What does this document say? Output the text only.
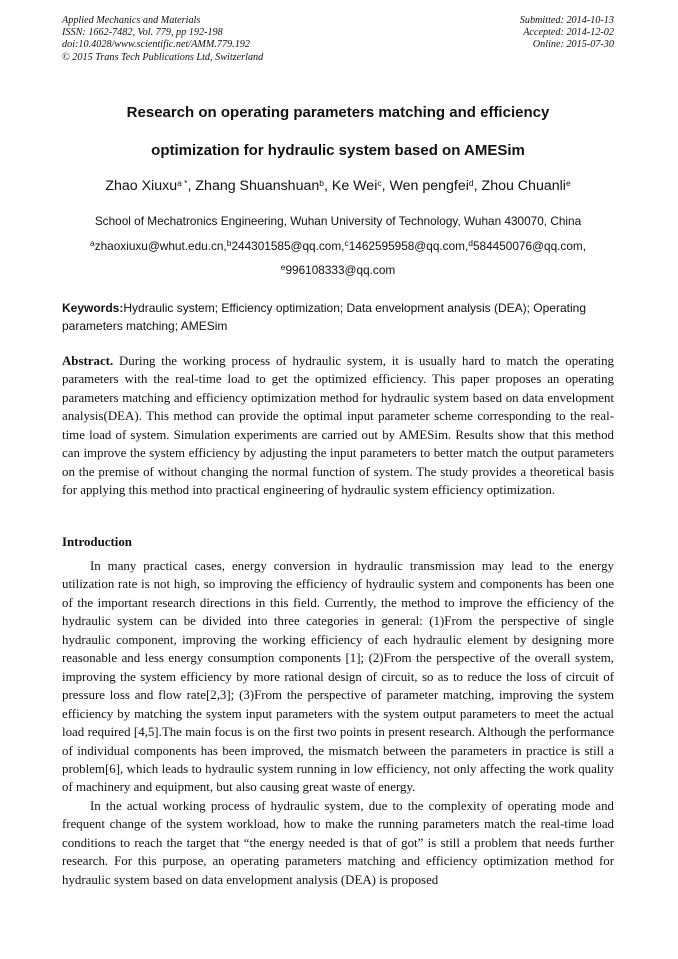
Applied Mechanics and Materials
ISSN: 1662-7482, Vol. 779, pp 192-198
doi:10.4028/www.scientific.net/AMM.779.192
© 2015 Trans Tech Publications Ltd, Switzerland
Submitted: 2014-10-13
Accepted: 2014-12-02
Online: 2015-07-30
Research on operating parameters matching and efficiency
optimization for hydraulic system based on AMESim
Zhao Xiuxu$^{a *}$, Zhang Shuanshuan$^b$, Ke Wei$^c$, Wen pengfei$^d$, Zhou Chuanli$^e$
School of Mechatronics Engineering, Wuhan University of Technology, Wuhan 430070, China
$^a$zhaoxiuxu@whut.edu.cn,$^b$244301585@qq.com,$^c$1462595958@qq.com,$^d$584450076@qq.com,
$^e$996108333@qq.com
Keywords:Hydraulic system; Efficiency optimization; Data envelopment analysis (DEA); Operating parameters matching; AMESim

Abstract. During the working process of hydraulic system, it is usually hard to match the operating parameters with the real-time load to get the optimized efficiency. This paper proposes an operating parameters matching and efficiency optimization method for hydraulic system based on data envelopment analysis(DEA). This method can provide the optimal input parameter scheme corresponding to the real-time load of system. Simulation experiments are carried out by AMESim. Results show that this method can improve the system efficiency by adjusting the input parameters to better match the output parameters on the premise of without changing the normal function of system. The study provides a theoretical basis for applying this method into practical engineering of hydraulic system efficiency optimization.

Introduction

In many practical cases, energy conversion in hydraulic transmission may lead to the energy utilization rate is not high, so improving the efficiency of hydraulic system and components has been one of the important research directions in this field. Currently, the method to improve the efficiency of the hydraulic system can be divided into three categories in general: (1)From the perspective of single hydraulic component, improving the working efficiency of each hydraulic element by designing more reasonable and less energy consumption components [1]; (2)From the perspective of the overall system, improving the system efficiency by more rational design of circuit, so as to reduce the loss of circuit of pressure loss and flow rate[2,3]; (3)From the perspective of parameter matching, improving the system efficiency by matching the system input parameters with the system output parameters to meet the actual load required [4,5].The main focus is on the first two points in present research. Although the performance of individual components has been improved, the mismatch between the parameters in practice is still a problem[6], which leads to hydraulic system running in low efficiency, not only affecting the work quality of machinery and equipment, but also causing great waste of energy.

In the actual working process of hydraulic system, due to the complexity of operating mode and frequent change of the system workload, how to make the running parameters match the real-time load conditions to reach the target that “the energy needed is that of got” is still a problem that needs further research. For this purpose, an operating parameters matching and efficiency optimization method for hydraulic system based on data envelopment analysis (DEA) is proposed
